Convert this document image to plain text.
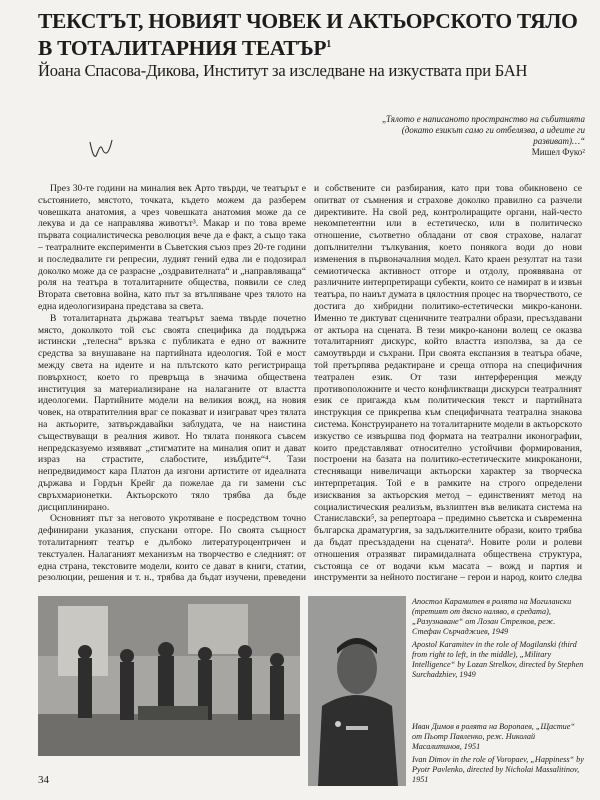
ТЕКСТЪТ, НОВИЯТ ЧОВЕК И АКТЬОРСКОТО ТЯЛО В ТОТАЛИТАРНИЯ ТЕАТЪР$^1$
Йоана Спасова-Дикова, Институт за изследване на изкуствата при БАН
„Тялото е написаното пространство на събитията (докато езикът само ги отбелязва, а идеите ги развиват)…“
Мишел Фуко²

През 30-те години на миналия век Арто твърди, че театърът е състоянието, мястото, точката, където можем да разберем човешката анатомия, а чрез човешката анатомия може да се лекува и да се направлява животът³. Макар и по това време първата социалистическа революция вече да е факт, а също така – театралните експерименти в Съветския съюз през 20-те години и последвалите ги репресии, лудият гений едва ли е подозирал доколко може да се разрасне „оздравителната“ и „направляваща“ роля на театъра в тоталитарните общества, появили се след Втората световна война, като път за втълпяване чрез тялото на една идеологизирана представа за света.

В тоталитарната държава театърът заема твърде почетно място, доколкото той със своята специфика да поддържа истински „телесна“ връзка с публиката е едно от важните средства за внушаване на партийната идеология. Той е мост между света на идеите и на плътското като регистрираща повърхност, което го превръща в значима обществена институция за материализиране на налаганите от властта идеологеми. Партийните модели на великия вожд, на новия човек, на отвратителния враг се показват и изиграват чрез тялата на актьорите, затвърждавайки заблудата, че на наистина съществуващи в реалния живот. Но тялата понякога съвсем непредсказуемо изявяват „стигматите на миналия опит и дават израз на страстите, слабостите, изъбдите“⁴. Тази непредвидимост кара Платон да изгони артистите от идеалната държава и Гордън Крейг да пожелае да ги замени със свръхмарионетки. Актьорското тяло трябва да бъде дисциплинирано.

Основният път за неговото укротяване е посредством точно дефинирани указания, спускани отгоре. По своята същност тоталитарният театър е дълбоко литературоцентричен и текстуален. Налаганият механизъм на творчество е следният: от една страна, текстовите модели, които се дават в книги, статии, резолюции, решения и т. н., трябва да бъдат изучени, преведени

и собствените си разбирания, като при това обикновено се опитват от съмнения и страхове доколко правилно са разчели директивите. На свой ред, контролиращите органи, най-често некомпетентни или в естетическо, или в политическо отношение, съответно обладани от своя страхове, налагат допълнителни тълкувания, което понякога води до нови изменения в първоначалния модел. Като краен резултат на тази семиотическа активност отгоре и отдолу, проявявана от различните интерпретиращи субекти, които се намират в и извън театъра, по наиът думата в цялостния процес на творчеството, се достига до хибридни политико-естетически микро-канони. Именно те диктуват сценичните театрални образи, пресъздавани от актьора на сцената. В тези микро-канони волещ се оказва тоталитарният дискурс, който властта използва, за да се самоутвърди и съхрани. При своята експанзия в театъра обаче, той претърпява редактиране и среща отпора на специфичния театрален език. От тази интерференция между противоположните и често конфликтващи дискурси театралният език се пригажда към политическия текст и партийната инструкция се прикрепва към специфичната театрална знакова система. Конструирането на тоталитарните модели в актьорското изкуство се извършва под формата на театрални иконографии, които представляват относително устойчиви формирования, построени на базата на политико-естетическите микроканони, стесняващи нивеличащи актьорски характер за творческа интерпретация. Той е в рамките на строго определени изисквания за актьорския метод – единственият метод на социалистическия реализъм, възлиптен във великата система на Станиславски⁵, за репертоара – предимно съветска и съвременна българска драматургия, за задължителните образи, които трябва да бъдат пресъздадени на сцената⁶. Новите роли и ролеви отношения отразяват пирамидалната обществена структура, състояща се от водачи към масата – вожд и партия и инструменти за нейното постигане – герои и народ, които следва

Апостол Карамитев в ролята на Могилански (третият от дясно наляво, в средата), „Разузнаване“ от Лозан Стрелков, реж. Стефан Сърчаджиев, 1949
Apostol Karamitev in the role of Mogilanski (third from right to left, in the middle), „Military Intelligence“ by Lozan Strelkov, directed by Stephen Surchadzhiev, 1949
Иван Димов в ролята на Воропаев, „Щастие“ от Пьотр Павленко, реж. Николай Масалитинов, 1951
Ivan Dimov in the role of Voropaev, „Happiness“ by Pyotr Pavlenko, directed by Nicholai Massalitinov, 1951
34
